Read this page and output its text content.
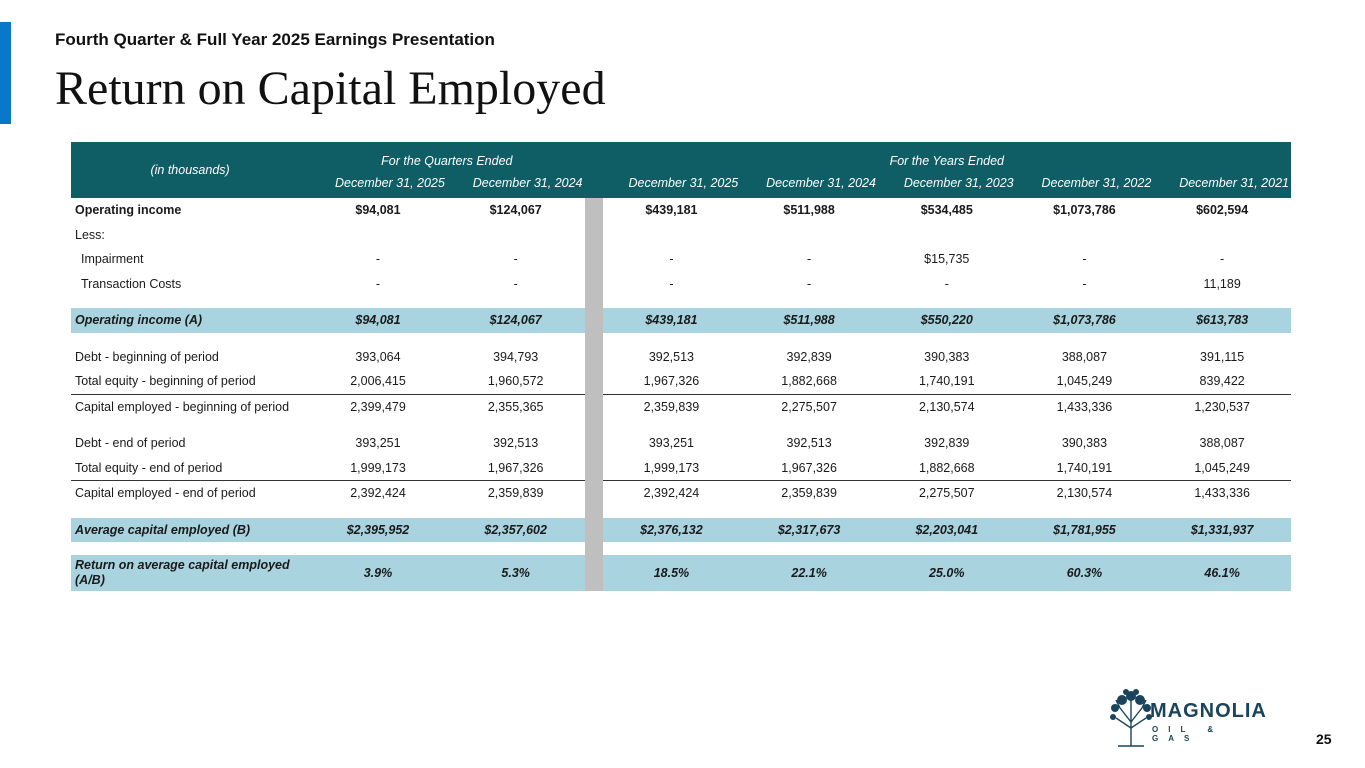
Fourth Quarter & Full Year 2025 Earnings Presentation
Return on Capital Employed
(in thousands)	For the Quarters Ended			For the Years Ended				
	December 31, 2025	December 31, 2024		December 31, 2025	December 31, 2024	December 31, 2023	December 31, 2022	December 31, 2021
Operating income	$94,081	$124,067		$439,181	$511,988	$534,485	$1,073,786	$602,594
Less:								
Impairment	-	-		-	-	$15,735	-	-
Transaction Costs	-	-		-	-	-	-	11,189

Operating income (A)	$94,081	$124,067		$439,181	$511,988	$550,220	$1,073,786	$613,783

Debt - beginning of period	393,064	394,793		392,513	392,839	390,383	388,087	391,115
Total equity - beginning of period	2,006,415	1,960,572		1,967,326	1,882,668	1,740,191	1,045,249	839,422
Capital employed - beginning of period	2,399,479	2,355,365		2,359,839	2,275,507	2,130,574	1,433,336	1,230,537

Debt - end of period	393,251	392,513		393,251	392,513	392,839	390,383	388,087
Total equity - end of period	1,999,173	1,967,326		1,999,173	1,967,326	1,882,668	1,740,191	1,045,249
Capital employed - end of period	2,392,424	2,359,839		2,392,424	2,359,839	2,275,507	2,130,574	1,433,336

Average capital employed (B)	$2,395,952	$2,357,602		$2,376,132	$2,317,673	$2,203,041	$1,781,955	$1,331,937

Return on average capital employed (A/B)	3.9%	5.3%		18.5%	22.1%	25.0%	60.3%	46.1%
MAGNOLIA
OIL & GAS	25
